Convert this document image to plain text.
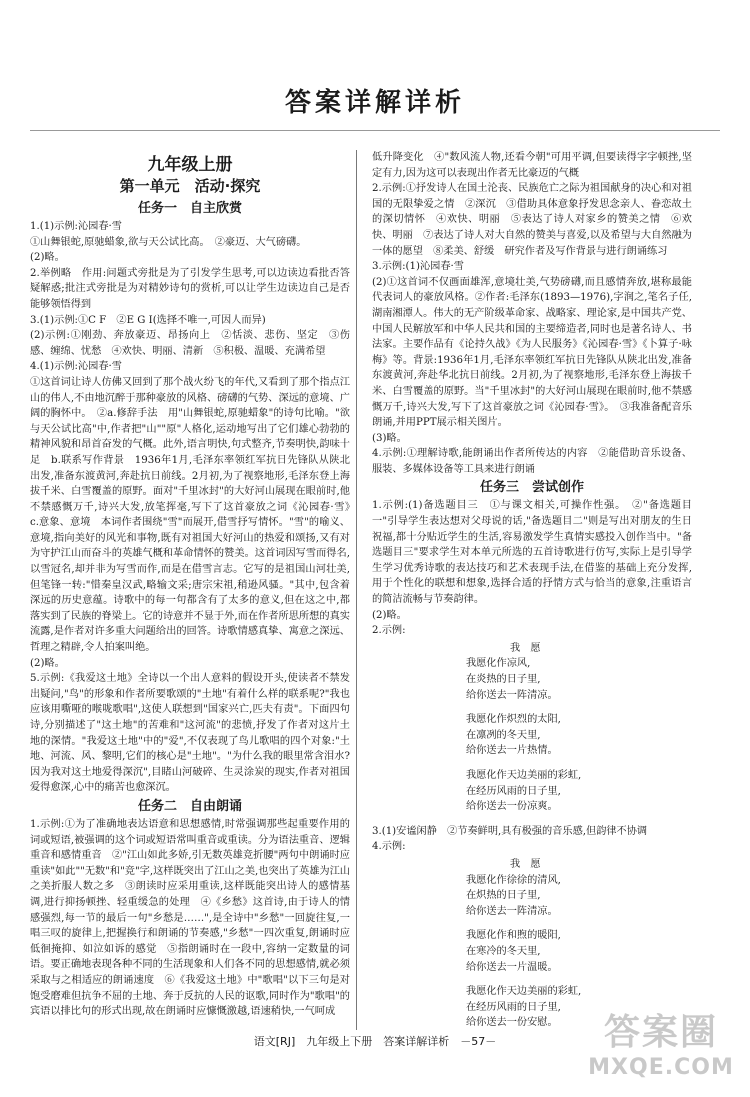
答案详解详析
九年级上册
第一单元　活动·探究
任务一　自主欣赏

1.(1)示例:沁园春·雪

①山舞银蛇,原驰蜡象,欲与天公试比高。　②豪迈、大气磅礴。

(2)略。

2.举例略　作用:问题式旁批是为了引发学生思考,可以边读边看批否答疑解惑;批注式旁批是为对精妙诗句的赏析,可以让学生边读边自己是否能够领悟得到

3.(1)示例:①C F　②E G I(选择不唯一,可因人而异)

(2)示例:①刚劲、奔放豪迈、昂扬向上　②恬淡、悲伤、坚定　③伤感、缠绵、忧愁　④欢快、明丽、清新　⑤积极、温暖、充满希望

4.(1)示例:沁园春·雪

①这首词让诗人仿佛又回到了那个战火纷飞的年代,又看到了那个指点江山的伟人,不由地沉醉于那种豪放的风格、磅礴的气势、深远的意境、广阔的胸怀中。　②a.修辞手法　用"山舞银蛇,原驰蜡象"的诗句比喻。"欲与天公试比高"中,作者把"山""原"人格化,运动地写出了它们雄心勃勃的精神风貌和昂首奋发的气概。此外,语言明快,句式整齐,节奏明快,韵味十足　b.联系写作背景　1936年1月,毛泽东率领红军抗日先锋队从陕北出发,准备东渡黄河,奔赴抗日前线。2月初,为了视察地形,毛泽东登上海拔千米、白雪覆盖的原野。面对"千里冰封"的大好河山展现在眼前时,他不禁感慨万千,诗兴大发,放笔挥毫,写下了这首豪放之词《沁园春·雪》　c.意象、意境　本词作者围绕"雪"而展开,借雪抒写情怀。"雪"的喻义、意境,指向美好的风光和事物,既有对祖国大好河山的热爱和颂扬,又有对为守护江山而奋斗的英雄气概和革命情怀的赞美。这首词因写雪而得名,以雪冠名,却并非为写雪而作,而是在借雪言志。它写的是祖国山河壮美,但笔锋一转:"惜秦皇汉武,略输文采;唐宗宋祖,稍逊风骚。"其中,包含着深远的历史意蕴。诗歌中的每一句都含有了太多的意义,但在这之中,都落实到了民族的脊梁上。它的诗意并不显于外,而在作者所思所想的真实流露,是作者对许多重大问题给出的回答。诗歌情感真挚、寓意之深远、哲理之精辟,令人拍案叫绝。

(2)略。

5.示例:《我爱这土地》全诗以一个出人意料的假设开头,使读者不禁发出疑问,"鸟"的形象和作者所要歌颂的"土地"有着什么样的联系呢?"我也应该用嘶哑的喉咙歌唱",这使人联想到"国家兴亡,匹夫有责"。下面四句诗,分别描述了"这土地"的苦难和"这河流"的悲愤,抒发了作者对这片土地的深情。"我爱这土地"中的"爱",不仅表现了鸟儿歌唱的四个对象:"土地、河流、风、黎明,它们的核心是"土地"。"为什么我的眼里常含泪水?因为我对这土地爱得深沉",目睹山河破碎、生灵涂炭的现实,作者对祖国爱得愈深,心中的痛苦也愈深沉。

任务二　自由朗诵

1.示例:①为了准确地表达语意和思想感情,时常强调那些起重要作用的词或短语,被强调的这个词或短语常叫重音或重读。分为语法重音、逻辑重音和感情重音　②"江山如此多娇,引无数英雄竞折腰"两句中朗诵时应重读"如此""无数"和"竞"字,这样既突出了江山之美,也突出了英雄为江山之美折服人数之多　③朗读时应采用重读,这样既能突出诗人的感情基调,进行抑扬顿挫、轻重缓急的处理　④《乡愁》这首诗,由于诗人的情感强烈,每一节的最后一句"乡愁是……",是全诗中"乡愁"一回旋往复,一唱三叹的旋律上,把握换行和朗诵的节奏感,"乡愁"一四次重复,朗诵时应低徊掩抑、如泣如诉的感觉　⑤指朗诵时在一段中,容纳一定数量的词语。要正确地表现各种不同的生活现象和人们各不同的思想感情,就必须采取与之相适应的朗诵速度　⑥《我爱这土地》中"歌唱"以下三句是对饱受磨难但抗争不屈的土地、奔于反抗的人民的讴歌,同时作为"歌唱"的宾语以排比句的形式出现,故在朗诵时应慷慨激越,语速稍快,一气呵成

低升降变化　④"数风流人物,还看今朝"可用平调,但要读得字字顿挫,坚定有力,因为这可以表现出作者无比豪迈的气概

2.示例:①抒发诗人在国土沦丧、民族危亡之际为祖国献身的决心和对祖国的无限挚爱之情　②深沉　③借助具体意象抒发思念亲人、眷恋故土的深切情怀　④欢快、明丽　⑤表达了诗人对家乡的赞美之情　⑥欢快、明丽　⑦表达了诗人对大自然的赞美与喜爱,以及希望与大自然融为一体的愿望　⑧柔美、舒缓　研究作者及写作背景与进行朗诵练习

3.示例:(1)沁园春·雪

(2)①这首词不仅画面雄浑,意境壮美,气势磅礴,而且感情奔放,堪称最能代表词人的豪放风格。②作者:毛泽东(1893—1976),字润之,笔名子任,湖南湘潭人。伟大的无产阶级革命家、战略家、理论家,是中国共产党、中国人民解放军和中华人民共和国的主要缔造者,同时也是著名诗人、书法家。主要作品有《论持久战》《为人民服务》《沁园春·雪》《卜算子·咏梅》等。背景:1936年1月,毛泽东率领红军抗日先锋队从陕北出发,准备东渡黄河,奔赴华北抗日前线。2月初,为了视察地形,毛泽东登上海拔千米、白雪覆盖的原野。当"千里冰封"的大好河山展现在眼前时,他不禁感慨万千,诗兴大发,写下了这首豪放之词《沁园春·雪》。　③我准备配音乐朗诵,并用PPT展示相关图片。

(3)略。

4.示例:①理解诗歌,能朗诵出作者所传达的内容　②能借助音乐设备、服装、多媒体设备等工具来进行朗诵

任务三　尝试创作

1.示例:(1)备选题目三　①与课文相关,可操作性强。　②"备选题目一"引导学生表达想对父母说的话,"备选题目二"则是写出对朋友的生日祝福,都十分贴近学生的生活,容易激发学生真情实感投入创作当中。"备选题目三"要求学生对本单元所选的五首诗歌进行仿写,实际上是引导学生学习优秀诗歌的表达技巧和艺术表现手法,在借鉴的基础上充分发挥,用于个性化的联想和想象,选择合适的抒情方式与恰当的意象,注重语言的简洁流畅与节奏韵律。

(2)略。

2.示例:

我　愿
我愿化作凉风,
在炎热的日子里,
给你送去一阵清凉。
我愿化作炽烈的太阳,
在凛冽的冬天里,
给你送去一片热情。
我愿化作天边美丽的彩虹,
在经历风雨的日子里,
给你送去一份凉爽。

3.(1)安谧闲静　②节奏鲜明,具有极强的音乐感,但韵律不协调

4.示例:

我　愿
我愿化作徐徐的清风,
在炽热的日子里,
给你送去一阵清凉。
我愿化作和煦的暖阳,
在寒冷的冬天里,
给你送去一片温暖。
我愿化作天边美丽的彩虹,
在经历风雨的日子里,
给你送去一份安慰。
语文[RJ]　九年级上下册　答案详解详析　－57－	答案圈
MXQE.COM
